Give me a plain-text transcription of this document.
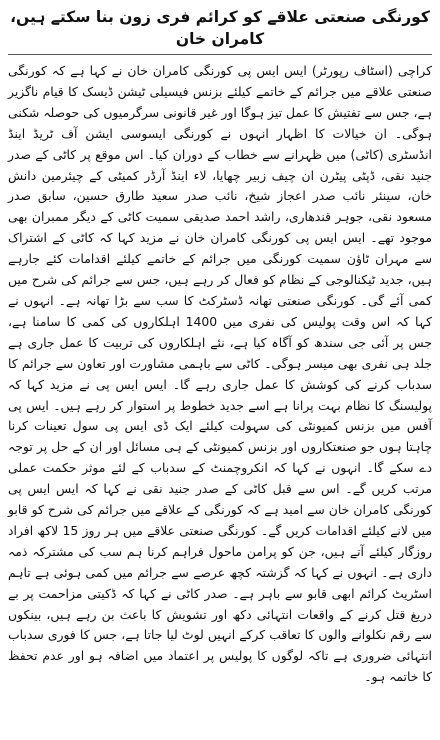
کورنگی صنعتی علاقے کو کرائم فری زون بنا سکتے ہیں، کامران خان

کراچی (اسٹاف رپورٹر) ایس ایس پی کورنگی کامران خان نے کہا ہے کہ کورنگی صنعتی علاقے میں جرائم کے خاتمے کیلئے بزنس فیسیلی ٹیشن ڈیسک کا قیام ناگزیر ہے، جس سے تفتیش کا عمل تیز ہوگا اور غیر قانونی سرگرمیوں کی حوصلہ شکنی ہوگی۔ ان خیالات کا اظہار انہوں نے کورنگی ایسوسی ایشن آف ٹریڈ اینڈ انڈسٹری (کاٹی) میں ظہرانے سے خطاب کے دوران کیا۔ اس موقع پر کاٹی کے صدر جنید نقی، ڈپٹی پیٹرن ان چیف زبیر چھایا، لاء اینڈ آرڈر کمیٹی کے چیئرمین دانش خان، سینئر نائب صدر اعجاز شیخ، نائب صدر سعید طارق حسین، سابق صدر مسعود نقی، جوہر قندھاری، راشد احمد صدیقی سمیت کاٹی کے دیگر ممبران بھی موجود تھے۔ ایس ایس پی کورنگی کامران خان نے مزید کہا کہ کاٹی کے اشتراک سے مہران ٹاؤن سمیت کورنگی میں جرائم کے خاتمے کیلئے اقدامات کئے جارہے ہیں، جدید ٹیکنالوجی کے نظام کو فعال کر رہے ہیں، جس سے جرائم کی شرح میں کمی آئے گی۔ کورنگی صنعتی تھانہ ڈسٹرکٹ کا سب سے بڑا تھانہ ہے۔ انہوں نے کہا کہ اس وقت پولیس کی نفری میں 1400 اہلکاروں کی کمی کا سامنا ہے، جس پر آئی جی سندھ کو آگاہ کیا ہے، نئے اہلکاروں کی تربیت کا عمل جاری ہے جلد ہی نفری بھی میسر ہوگی۔ کاٹی سے باہمی مشاورت اور تعاون سے جرائم کا سدباب کرنے کی کوشش کا عمل جاری رہے گا۔ ایس ایس پی نے مزید کہا کہ پولیسنگ کا نظام بہت پرانا ہے اسے جدید خطوط پر استوار کر رہے ہیں۔ ایس پی آفس میں بزنس کمیونٹی کی سہولت کیلئے ایک ڈی ایس پی سول تعینات کرنا چاہتا ہوں جو صنعتکاروں اور بزنس کمیونٹی کے ہی مسائل اور ان کے حل پر توجہ دے سکے گا۔ انہوں نے کہا کہ انکروچمنٹ کے سدباب کے لئے موثر حکمت عملی مرتب کریں گے۔ اس سے قبل کاٹی کے صدر جنید نقی نے کہا کہ ایس ایس پی کورنگی کامران خان سے امید ہے کہ کورنگی کے علاقے میں جرائم کی شرح کو قابو میں لانے کیلئے اقدامات کریں گے۔ کورنگی صنعتی علاقے میں ہر روز 15 لاکھ افراد روزگار کیلئے آتے ہیں، جن کو پرامن ماحول فراہم کرنا ہم سب کی مشترکہ ذمہ داری ہے۔ انہوں نے کہا کہ گزشتہ کچھ عرصے سے جرائم میں کمی ہوئی ہے تاہم اسٹریٹ کرائم ابھی قابو سے باہر ہے۔ صدر کاٹی نے کہا کہ ڈکیتی مزاحمت پر بے دریغ قتل کرنے کے واقعات انتہائی دکھ اور تشویش کا باعث بن رہے ہیں، بینکوں سے رقم نکلوانے والوں کا تعاقب کرکے انہیں لوٹ لیا جاتا ہے، جس کا فوری سدباب انتہائی ضروری ہے تاکہ لوگوں کا پولیس پر اعتماد میں اضافہ ہو اور عدم تحفظ کا خاتمہ ہو۔
